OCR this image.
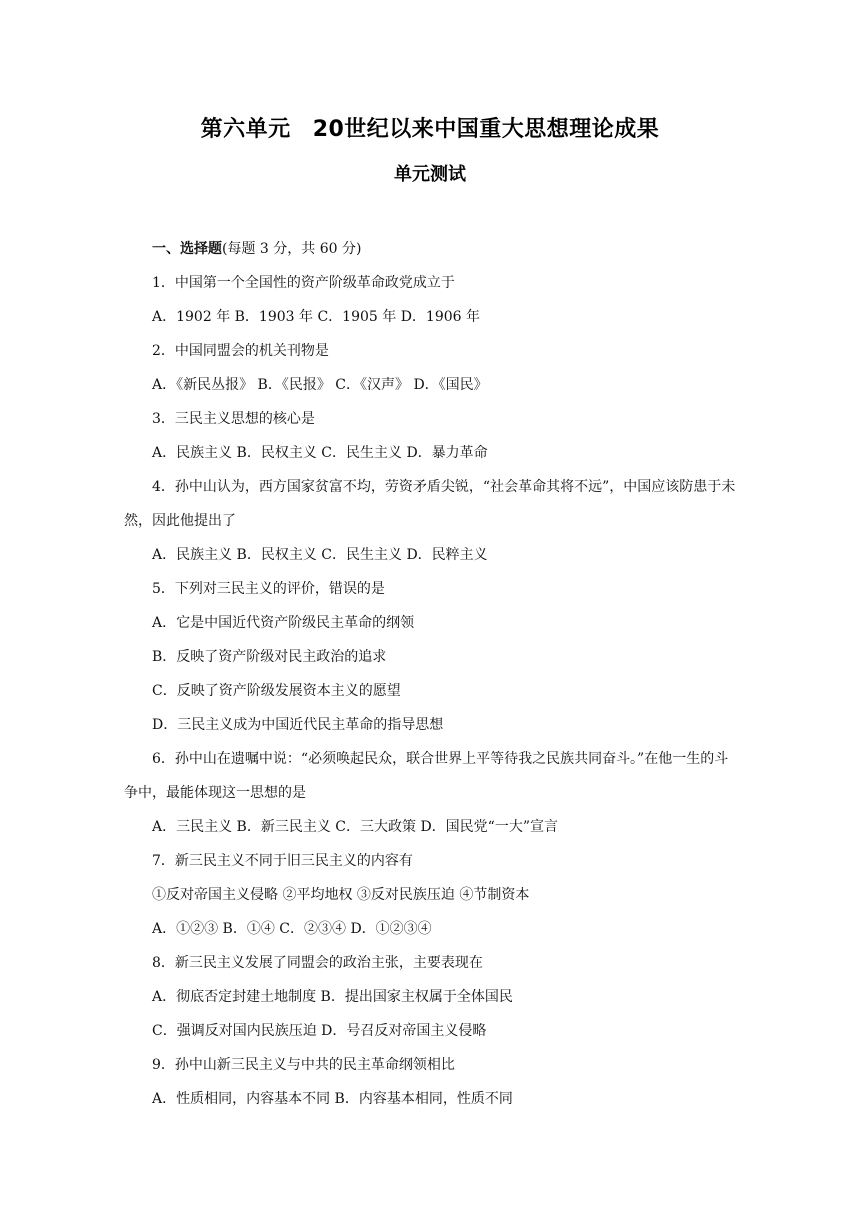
第六单元 20世纪以来中国重大思想理论成果
单元测试
一、选择题(每题 3 分，共 60 分)
1．中国第一个全国性的资产阶级革命政党成立于
A．1902 年 B．1903 年 C．1905 年 D．1906 年
2．中国同盟会的机关刊物是
A．《新民丛报》 B．《民报》 C．《汉声》 D．《国民》
3．三民主义思想的核心是
A．民族主义 B．民权主义 C．民生主义 D．暴力革命
4．孙中山认为，西方国家贫富不均，劳资矛盾尖锐，“社会革命其将不远”，中国应该防患于未然，因此他提出了
A．民族主义 B．民权主义 C．民生主义 D．民粹主义
5．下列对三民主义的评价，错误的是
A．它是中国近代资产阶级民主革命的纲领
B．反映了资产阶级对民主政治的追求
C．反映了资产阶级发展资本主义的愿望
D．三民主义成为中国近代民主革命的指导思想
6．孙中山在遗嘱中说：“必须唤起民众，联合世界上平等待我之民族共同奋斗。”在他一生的斗争中，最能体现这一思想的是
A．三民主义 B．新三民主义 C．三大政策 D．国民党“一大”宣言
7．新三民主义不同于旧三民主义的内容有
①反对帝国主义侵略 ②平均地权 ③反对民族压迫 ④节制资本
A．①②③ B．①④ C．②③④ D．①②③④
8．新三民主义发展了同盟会的政治主张，主要表现在
A．彻底否定封建土地制度 B．提出国家主权属于全体国民
C．强调反对国内民族压迫 D．号召反对帝国主义侵略
9．孙中山新三民主义与中共的民主革命纲领相比
A．性质相同，内容基本不同 B．内容基本相同，性质不同
